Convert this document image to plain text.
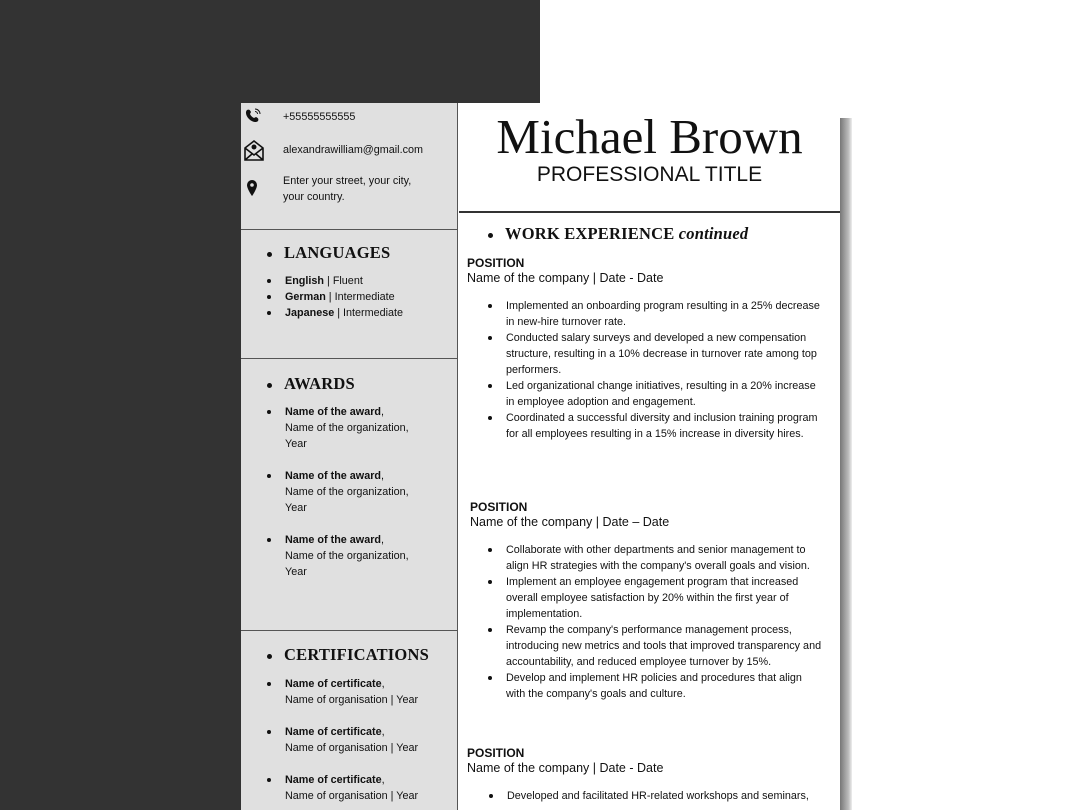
+55555555555
alexandrawilliam@gmail.com
Enter your street, your city, your country.
LANGUAGES
English | Fluent
German | Intermediate
Japanese | Intermediate
AWARDS
Name of the award,
Name of the organization,
Year
Name of the award,
Name of the organization,
Year
Name of the award,
Name of the organization,
Year
CERTIFICATIONS
Name of certificate,
Name of organisation | Year
Name of certificate,
Name of organisation | Year
Name of certificate,
Name of organisation | Year
Michael Brown
PROFESSIONAL TITLE
WORK EXPERIENCE continued
POSITION
Name of the company | Date - Date
Implemented an onboarding program resulting in a 25% decrease in new-hire turnover rate.
Conducted salary surveys and developed a new compensation structure, resulting in a 10% decrease in turnover rate among top performers.
Led organizational change initiatives, resulting in a 20% increase in employee adoption and engagement.
Coordinated a successful diversity and inclusion training program for all employees resulting in a 15% increase in diversity hires.
POSITION
Name of the company | Date – Date
Collaborate with other departments and senior management to align HR strategies with the company's overall goals and vision.
Implement an employee engagement program that increased overall employee satisfaction by 20% within the first year of implementation.
Revamp the company's performance management process, introducing new metrics and tools that improved transparency and accountability, and reduced employee turnover by 15%.
Develop and implement HR policies and procedures that align with the company's goals and culture.
POSITION
Name of the company | Date - Date
Developed and facilitated HR-related workshops and seminars,
